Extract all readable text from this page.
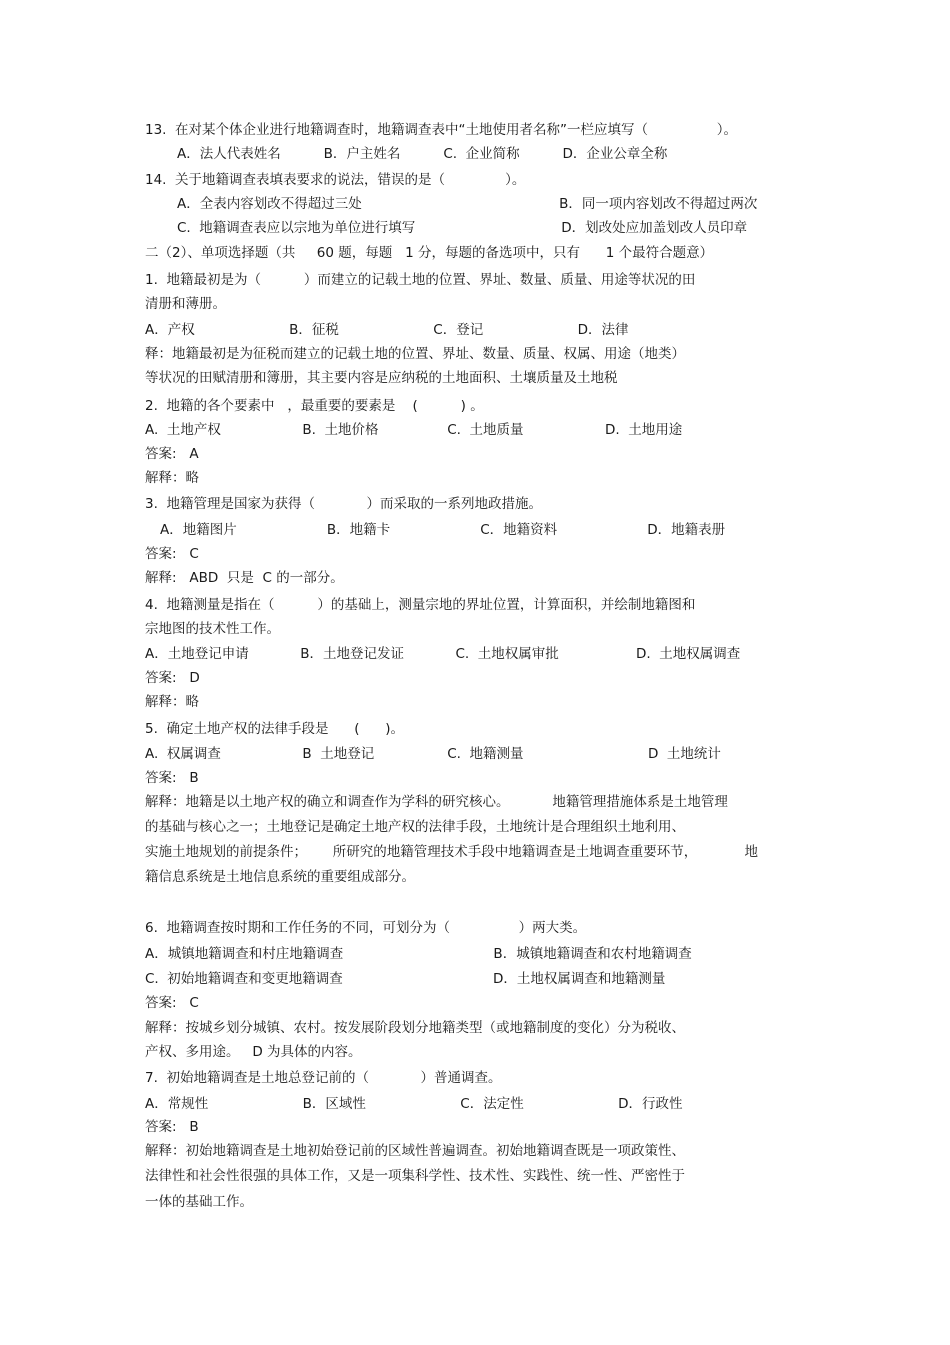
13.  在对某个体企业进行地籍调查时，地籍调查表中“土地使用者名称”一栏应填写（                ）。
A．法人代表姓名          B．户主姓名          C.  企业简称          D．企业公章全称
14.  关于地籍调查表填表要求的说法，错误的是（              ）。
A．全表内容划改不得超过三处                                              B．同一项内容划改不得超过两次
C.  地籍调查表应以宗地为单位进行填写                                  D．划改处应加盖划改人员印章
二（2）、单项选择题（共     60 题，每题   1 分，每题的备选项中，只有      1 个最符合题意）
1.  地籍最初是为（          ）而建立的记载土地的位置、界址、数量、质量、用途等状况的田
清册和薄册。
A．产权                      B．征税                      C．登记                      D．法律
释：地籍最初是为征税而建立的记载土地的位置、界址、数量、质量、权属、用途（地类）
等状况的田赋清册和簿册，其主要内容是应纳税的土地面积、土壤质量及土地税
2.  地籍的各个要素中   ，最重要的要素是    (          ) 。
A.  土地产权                   B.  土地价格                C.  土地质量                   D.  土地用途
答案:   A
解释：略
3.  地籍管理是国家为获得（            ）而采取的一系列地政措施。
A．地籍图片                     B．地籍卡                     C．地籍资料                     D．地籍表册
答案:   C
解释:   ABD  只是  C 的一部分。
4.  地籍测量是指在（          ）的基础上，测量宗地的界址位置，计算面积，并绘制地籍图和
宗地图的技术性工作。
A．土地登记申请            B．土地登记发证            C.  土地权属审批                  D.  土地权属调查
答案:   D
解释：略
5.  确定土地产权的法律手段是      (      )。
A.  权属调查                   B  土地登记                 C.  地籍测量                             D  土地统计
答案:   B
解释：地籍是以土地产权的确立和调查作为学科的研究核心。          地籍管理措施体系是土地管理
的基础与核心之一；土地登记是确定土地产权的法律手段，土地统计是合理组织土地利用、
实施土地规划的前提条件；      所研究的地籍管理技术手段中地籍调查是土地调查重要环节，           地
籍信息系统是土地信息系统的重要组成部分。
6.  地籍调查按时期和工作任务的不同，可划分为（                ）两大类。
A．城镇地籍调查和村庄地籍调查                                   B．城镇地籍调查和农村地籍调查
C.  初始地籍调查和变更地籍调查                                   D．土地权属调查和地籍测量
答案:   C
解释：按城乡划分城镇、农村。按发展阶段划分地籍类型（或地籍制度的变化）分为税收、
产权、多用途。   D 为具体的内容。
7.  初始地籍调查是土地总登记前的（            ）普通调查。
A．常规性                      B．区域性                      C．法定性                      D．行政性
答案:   B
解释：初始地籍调查是土地初始登记前的区域性普遍调查。初始地籍调查既是一项政策性、
法律性和社会性很强的具体工作，又是一项集科学性、技术性、实践性、统一性、严密性于
一体的基础工作。
